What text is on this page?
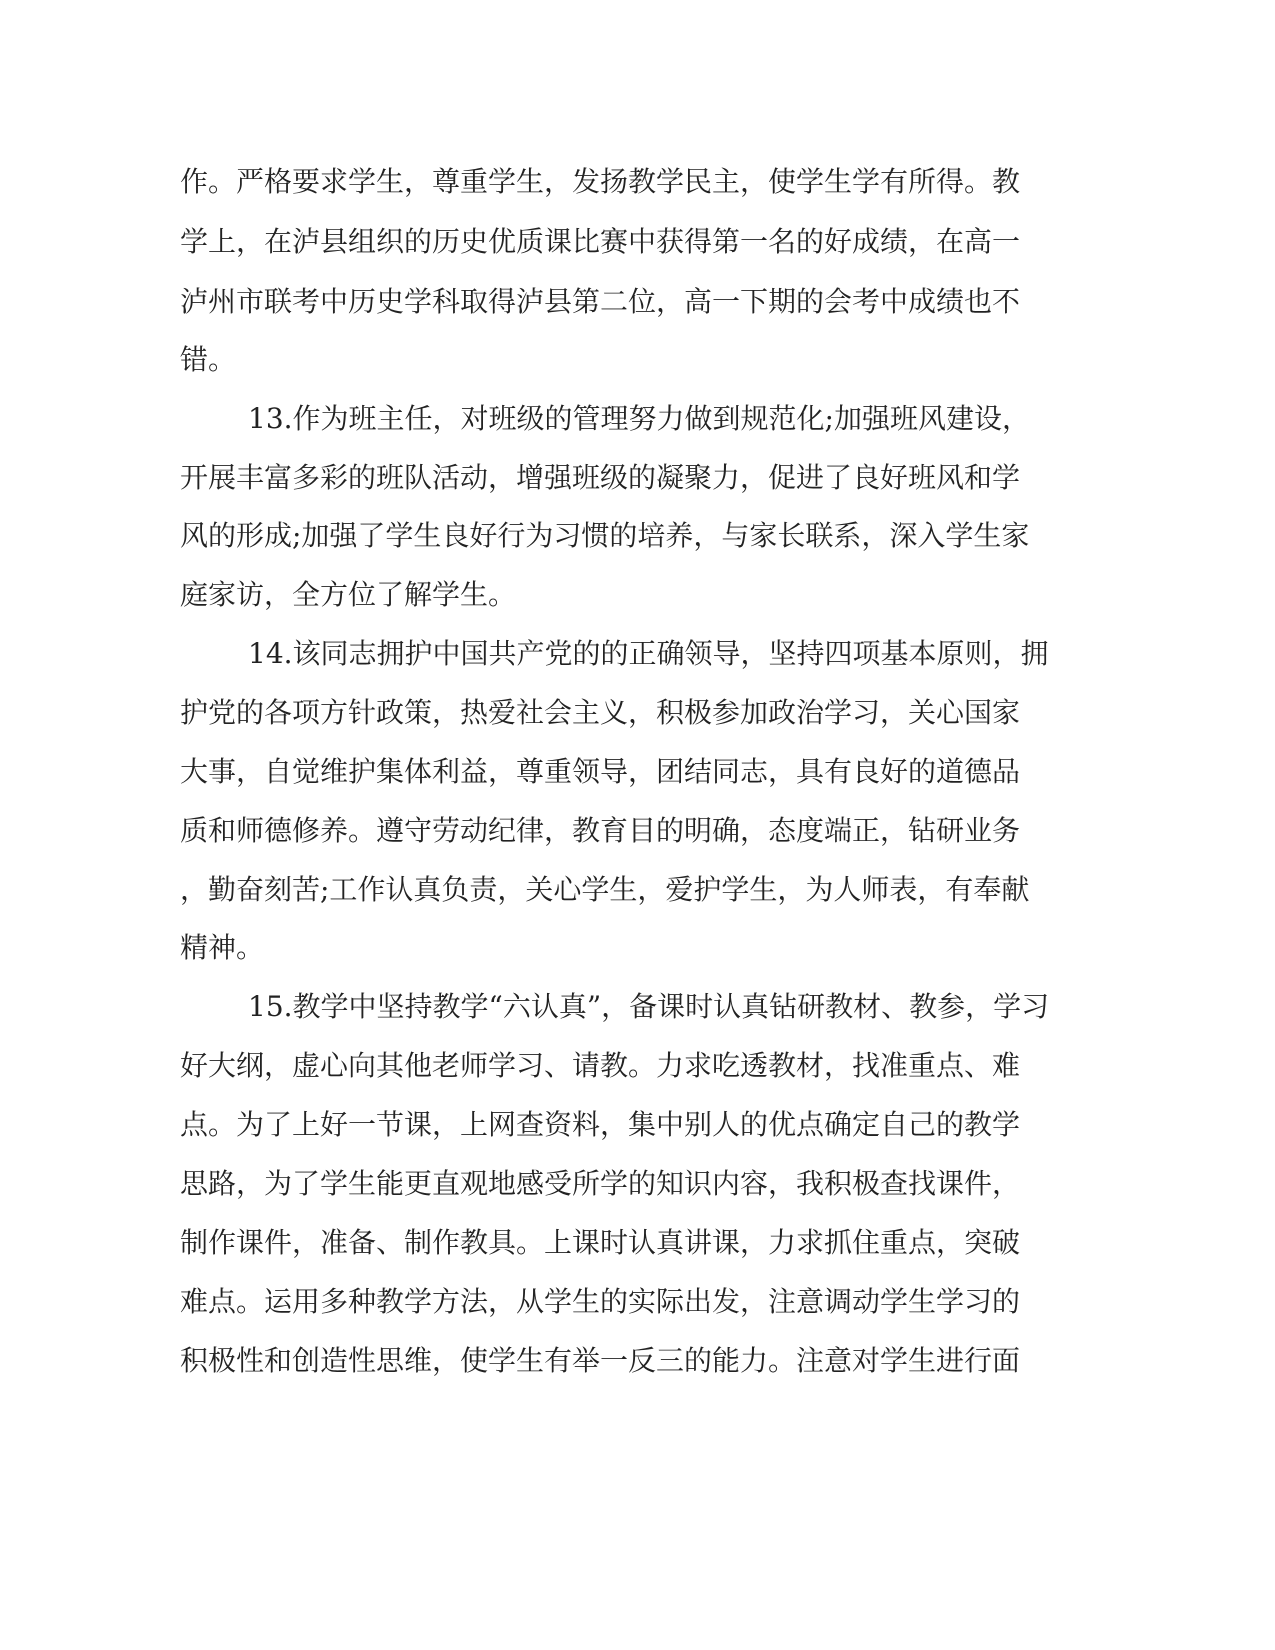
作。严格要求学生，尊重学生，发扬教学民主，使学生学有所得。教
学上，在泸县组织的历史优质课比赛中获得第一名的好成绩，在高一
泸州市联考中历史学科取得泸县第二位，高一下期的会考中成绩也不
错。
13.作为班主任，对班级的管理努力做到规范化;加强班风建设，
开展丰富多彩的班队活动，增强班级的凝聚力，促进了良好班风和学
风的形成;加强了学生良好行为习惯的培养，与家长联系，深入学生家
庭家访，全方位了解学生。
14.该同志拥护中国共产党的的正确领导，坚持四项基本原则，拥
护党的各项方针政策，热爱社会主义，积极参加政治学习，关心国家
大事，自觉维护集体利益，尊重领导，团结同志，具有良好的道德品
质和师德修养。遵守劳动纪律，教育目的明确，态度端正，钻研业务
，勤奋刻苦;工作认真负责，关心学生，爱护学生，为人师表，有奉献
精神。
15.教学中坚持教学“六认真”，备课时认真钻研教材、教参，学习
好大纲，虚心向其他老师学习、请教。力求吃透教材，找准重点、难
点。为了上好一节课，上网查资料，集中别人的优点确定自己的教学
思路，为了学生能更直观地感受所学的知识内容，我积极查找课件，
制作课件，准备、制作教具。上课时认真讲课，力求抓住重点，突破
难点。运用多种教学方法，从学生的实际出发，注意调动学生学习的
积极性和创造性思维，使学生有举一反三的能力。注意对学生进行面
